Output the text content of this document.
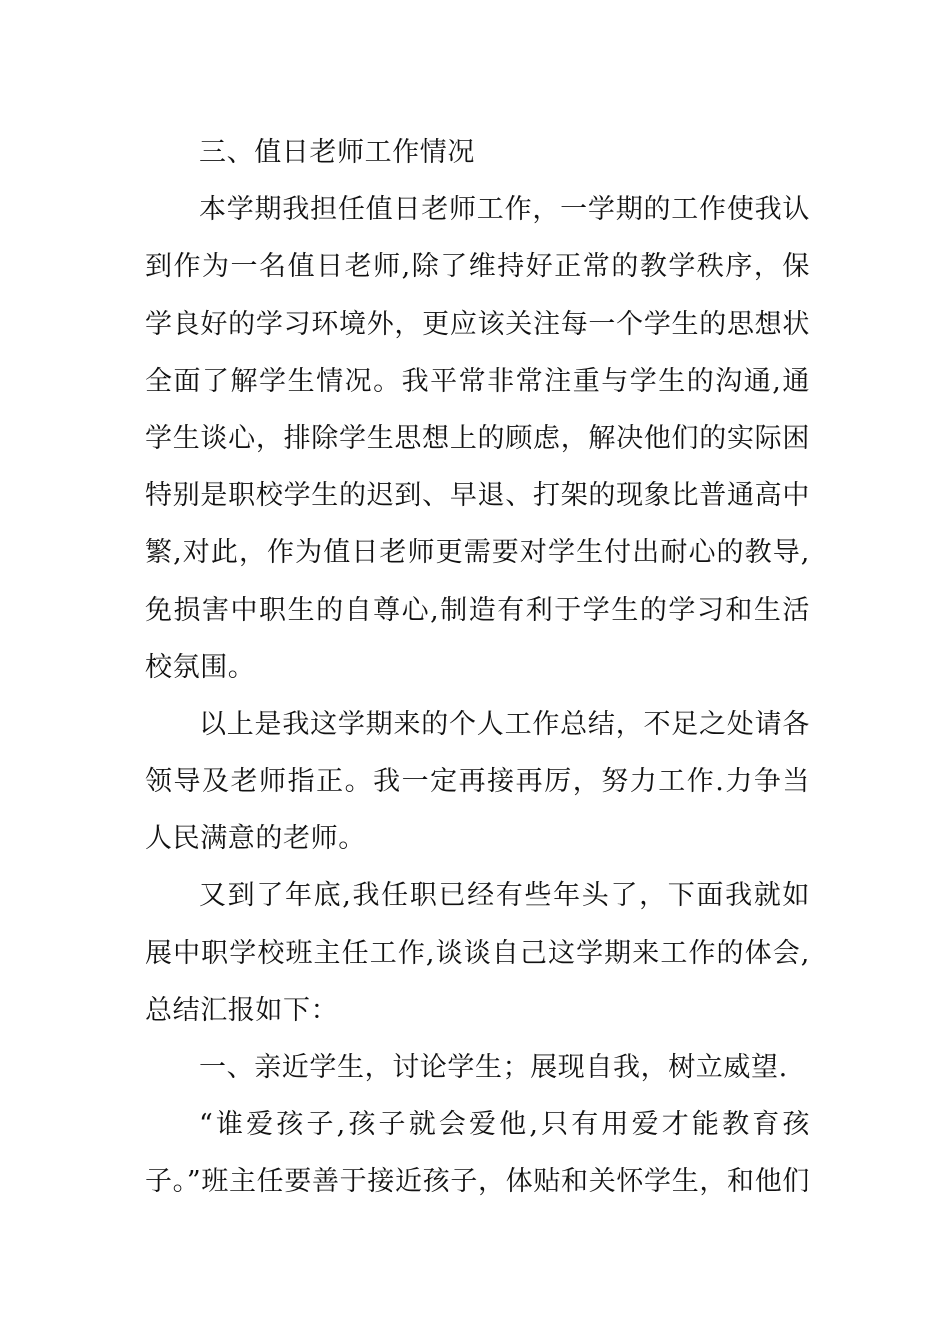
三、值日老师工作情况
本学期我担任值日老师工作，一学期的工作使我认
到作为一名值日老师,除了维持好正常的教学秩序，保
学良好的学习环境外，更应该关注每一个学生的思想状
全面了解学生情况。我平常非常注重与学生的沟通,通
学生谈心，排除学生思想上的顾虑，解决他们的实际困
特别是职校学生的迟到、早退、打架的现象比普通高中
繁,对此，作为值日老师更需要对学生付出耐心的教导,
免损害中职生的自尊心,制造有利于学生的学习和生活
校氛围。
以上是我这学期来的个人工作总结，不足之处请各
领导及老师指正。我一定再接再厉，努力工作.力争当
人民满意的老师。
又到了年底,我任职已经有些年头了，下面我就如
展中职学校班主任工作,谈谈自己这学期来工作的体会,
总结汇报如下：
一、亲近学生，讨论学生；展现自我，树立威望.
“谁爱孩子,孩子就会爱他,只有用爱才能教育孩
子。”班主任要善于接近孩子，体贴和关怀学生，和他们
